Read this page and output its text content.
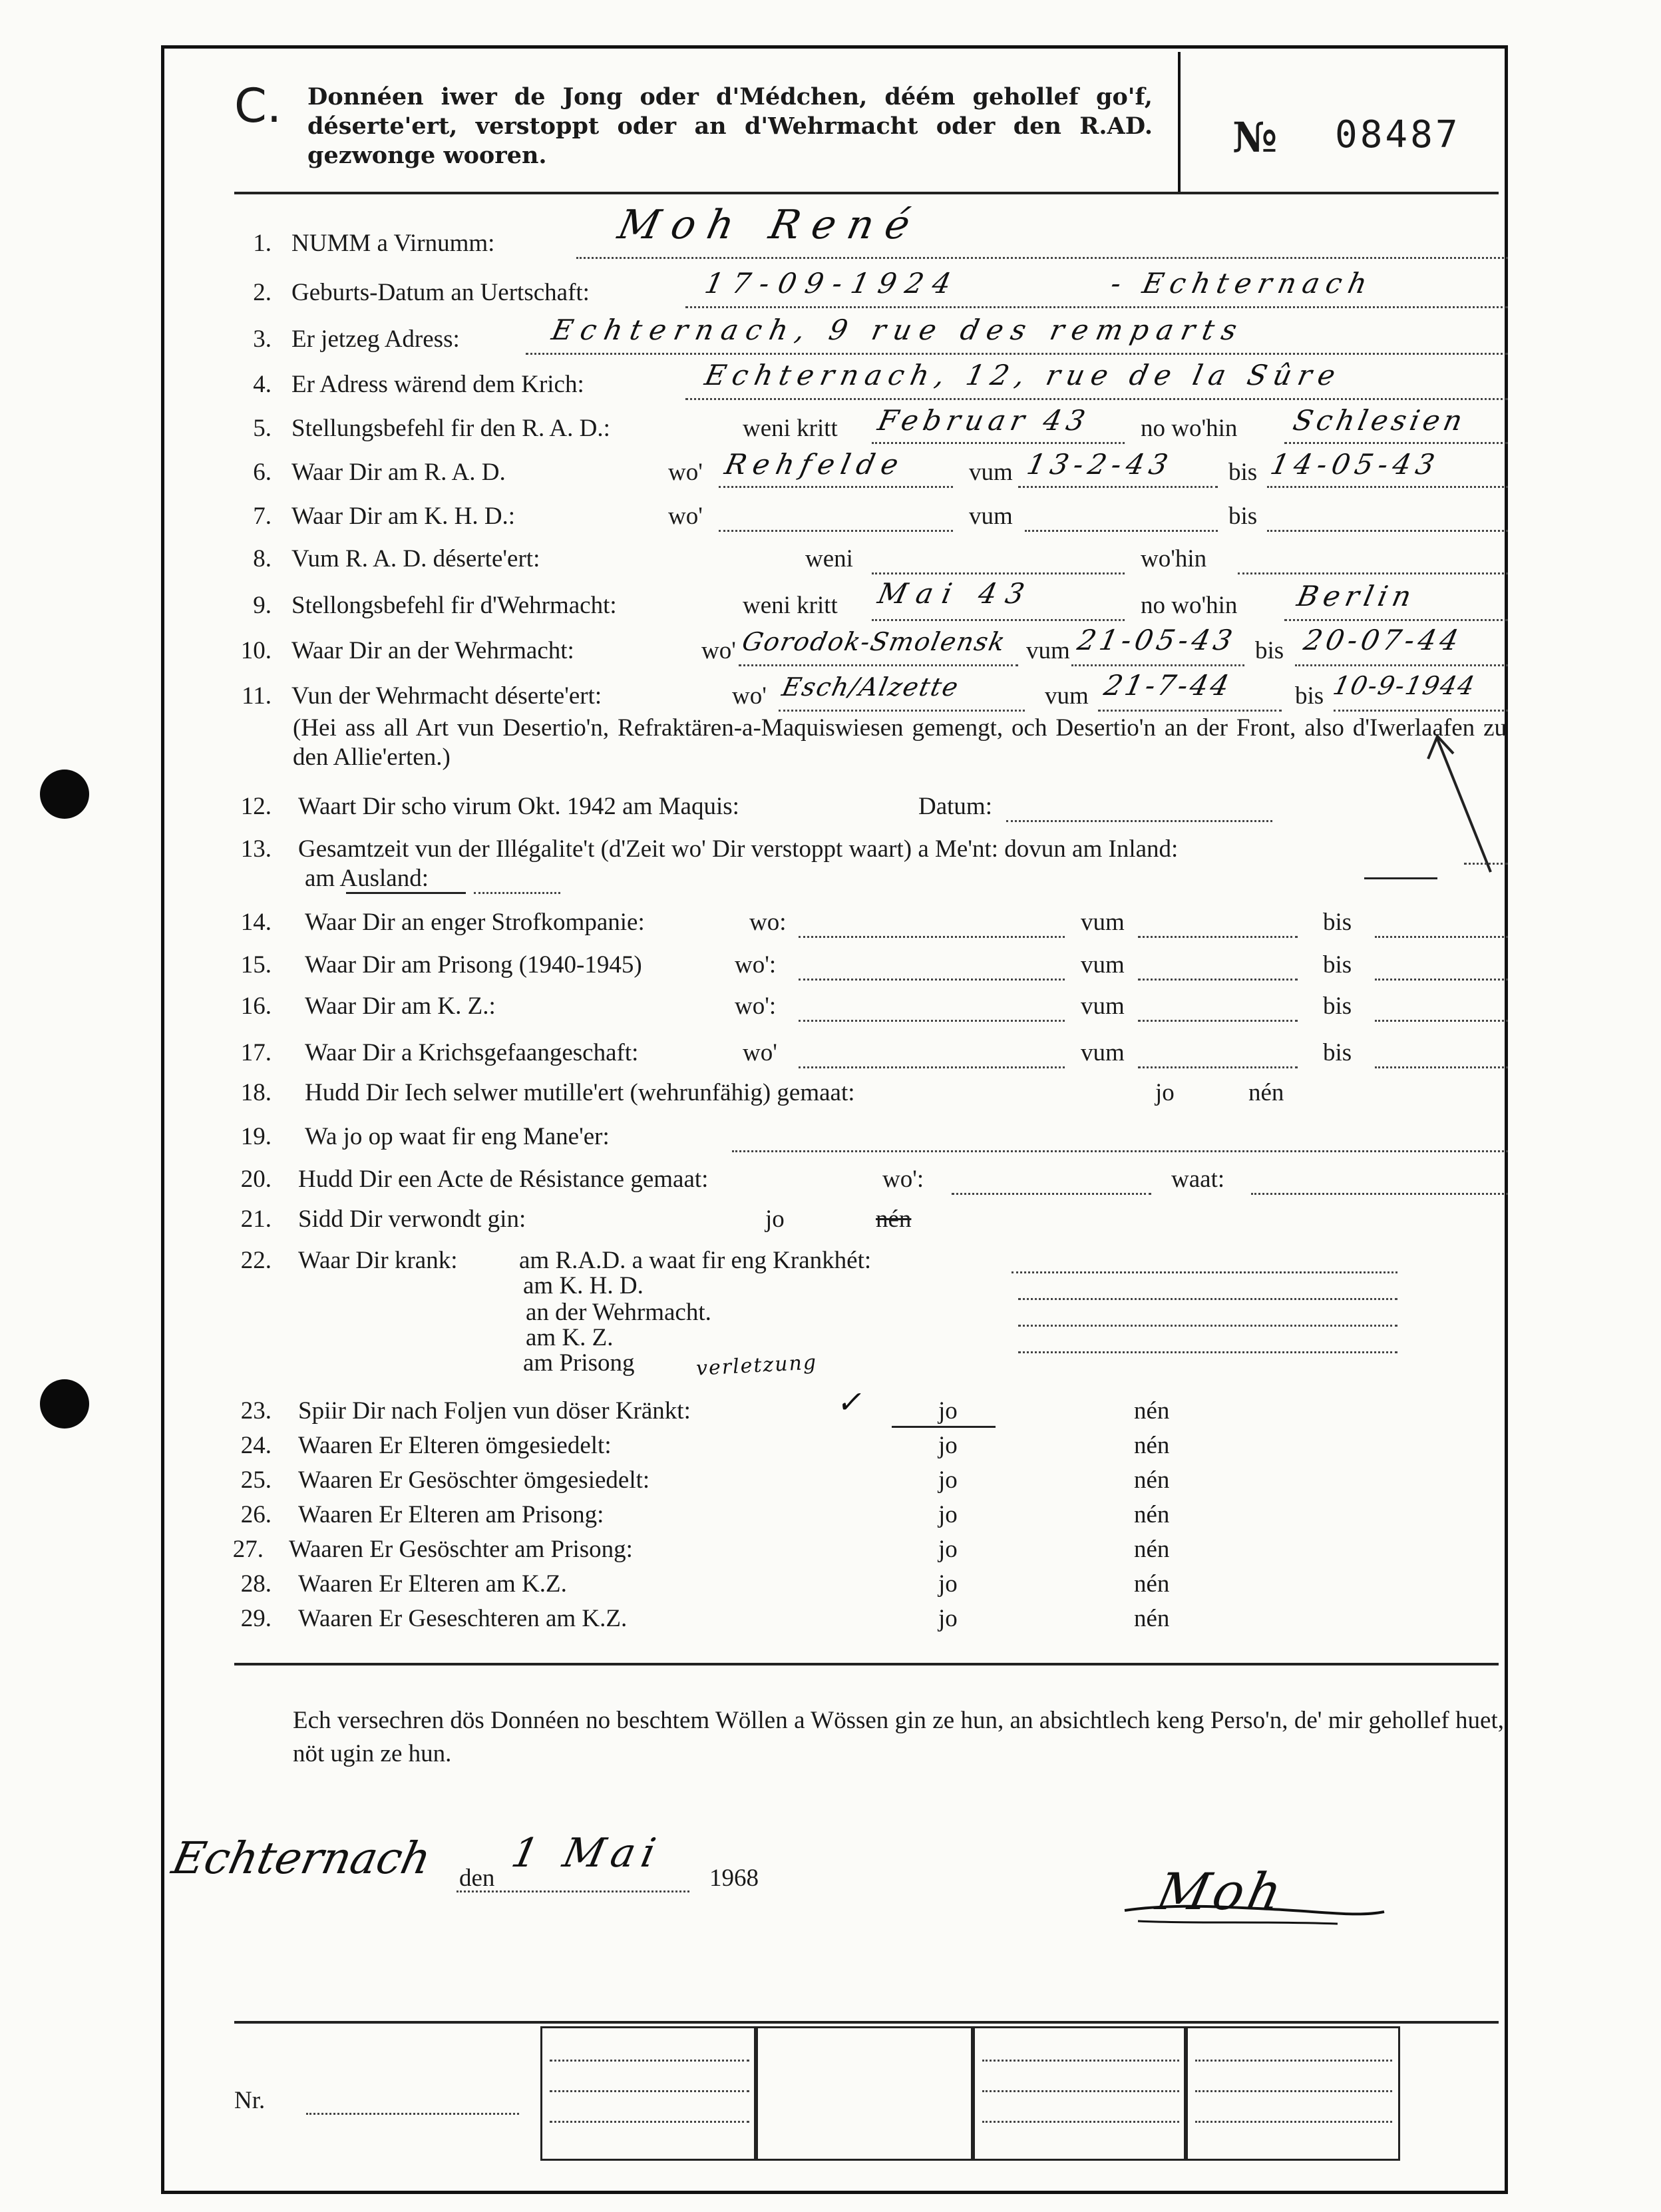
C. Donnéen iwer de Jong oder d'Médchen, déém gehollef go'f, déserte'ert, verstoppt oder an d'Wehrmacht oder den R.AD. gezwonge wooren.	№ 08487
1. NUMM a Virnumm:	Moh René
2. Geburts-Datum an Uertschaft:	17-09-1924	- Echternach
3. Er jetzeg Adress:	Echternach, 9 rue des remparts
4. Er Adress wärend dem Krich:	Echternach, 12, rue de la Sûre
5. Stellungsbefehl fir den R. A. D.:	weni kritt Februar 43 no wo'hin Schlesien
6. Waar Dir am R. A. D.	wo' Rehfelde vum 13-2-43 bis 14-05-43
7. Waar Dir am K. H. D.:	wo'	vum	bis
8. Vum R. A. D. déserte'ert:	weni	wo'hin
9. Stellongsbefehl fir d'Wehrmacht:	weni kritt Mai 43	no wo'hin Berlin
10. Waar Dir an der Wehrmacht:	wo' Gorodok-Smolensk vum 21-05-43 bis 20-07-44
11. Vun der Wehrmacht déserte'ert:	wo' Esch/Alzette	vum 21-7-44 bis 10-9-1944
(Hei ass all Art vun Desertio'n, Refraktären-a-Maquiswiesen gemengt, och Desertio'n an der Front, also d'Iwerlaafen zu den Allie'erten.)
12. Waart Dir scho virum Okt. 1942 am Maquis:	Datum:
13. Gesamtzeit vun der Illégalite't (d'Zeit wo' Dir verstoppt waart) a Me'nt: dovun am Inland:
am Ausland:
14. Waar Dir an enger Strofkompanie:	wo:	vum	bis
15. Waar Dir am Prisong (1940-1945)	wo':	vum	bis
16. Waar Dir am K. Z.:	wo':	vum	bis
17. Waar Dir a Krichsgefaangeschaft:	wo'	vum	bis
18. Hudd Dir Iech selwer mutille'ert (wehrunfähig) gemaat:	jo	nén
19. Wa jo op waat fir eng Mane'er:
20. Hudd Dir een Acte de Résistance gemaat:	wo':	waat:
21. Sidd Dir verwondt gin:	jo	nén
22. Waar Dir krank:	am R.A.D. a waat fir eng Krankhét:
am K. H. D.
an der Wehrmacht.
am K. Z.
am Prisong	verletzung
23. Spiir Dir nach Foljen vun döser Kränkt:	✓	jo	nén
24. Waaren Er Elteren ömgesiedelt:	jo	nén
25. Waaren Er Gesöschter ömgesiedelt:	jo	nén
26. Waaren Er Elteren am Prisong:	jo	nén
27. Waaren Er Gesöschter am Prisong:	jo	nén
28. Waaren Er Elteren am K.Z.	jo	nén
29. Waaren Er Geseschteren am K.Z.	jo	nén
Ech versechren dös Donnéen no beschtem Wöllen a Wössen gin ze hun, an absichtlech keng Perso'n, de' mir gehollef huet, nöt ugin ze hun.
Echternach den
1 Mai
1968	Moh
Nr.
